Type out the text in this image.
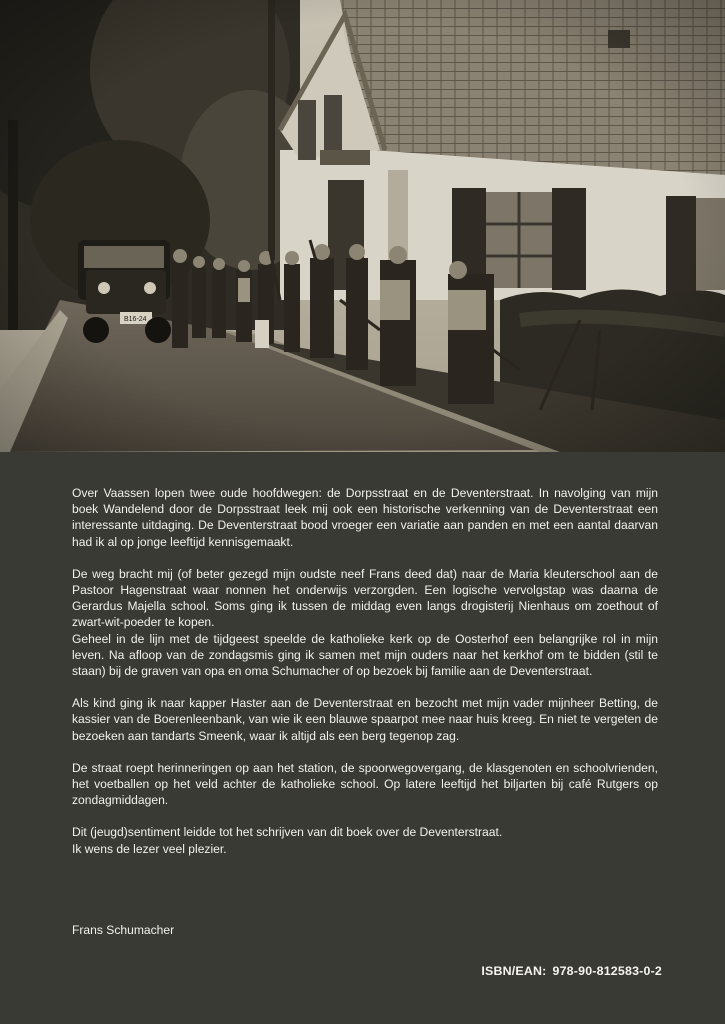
Over Vaassen lopen twee oude hoofdwegen: de Dorpsstraat en de Deventerstraat. In navolging van mijn boek Wandelend door de Dorpsstraat leek mij ook een historische verkenning van de Deventerstraat een interessante uitdaging. De Deventerstraat bood vroeger een variatie aan panden en met een aantal daarvan had ik al op jonge leeftijd kennisgemaakt.

De weg bracht mij (of beter gezegd mijn oudste neef Frans deed dat) naar de Maria kleuterschool aan de Pastoor Hagenstraat waar nonnen het onderwijs verzorgden. Een logische vervolgstap was daarna de Gerardus Majella school. Soms ging ik tussen de middag even langs drogisterij Nienhaus om zoethout of zwart-wit-poeder te kopen.

Geheel in de lijn met de tijdgeest speelde de katholieke kerk op de Oosterhof een belangrijke rol in mijn leven. Na afloop van de zondagsmis ging ik samen met mijn ouders naar het kerkhof om te bidden (stil te staan) bij de graven van opa en oma Schumacher of op bezoek bij familie aan de Deventerstraat.

Als kind ging ik naar kapper Haster aan de Deventerstraat en bezocht met mijn vader mijnheer Betting, de kassier van de Boerenleenbank, van wie ik een blauwe spaarpot mee naar huis kreeg. En niet te vergeten de bezoeken aan tandarts Smeenk, waar ik altijd als een berg tegenop zag.

De straat roept herinneringen op aan het station, de spoorwegovergang, de klasgenoten en schoolvrienden, het voetballen op het veld achter de katholieke school. Op latere leeftijd het biljarten bij café Rutgers op zondagmiddagen.

Dit (jeugd)sentiment leidde tot het schrijven van dit boek over de Deventerstraat.

Ik wens de lezer veel plezier.

Frans Schumacher
ISBN/EAN: 978-90-812583-0-2
